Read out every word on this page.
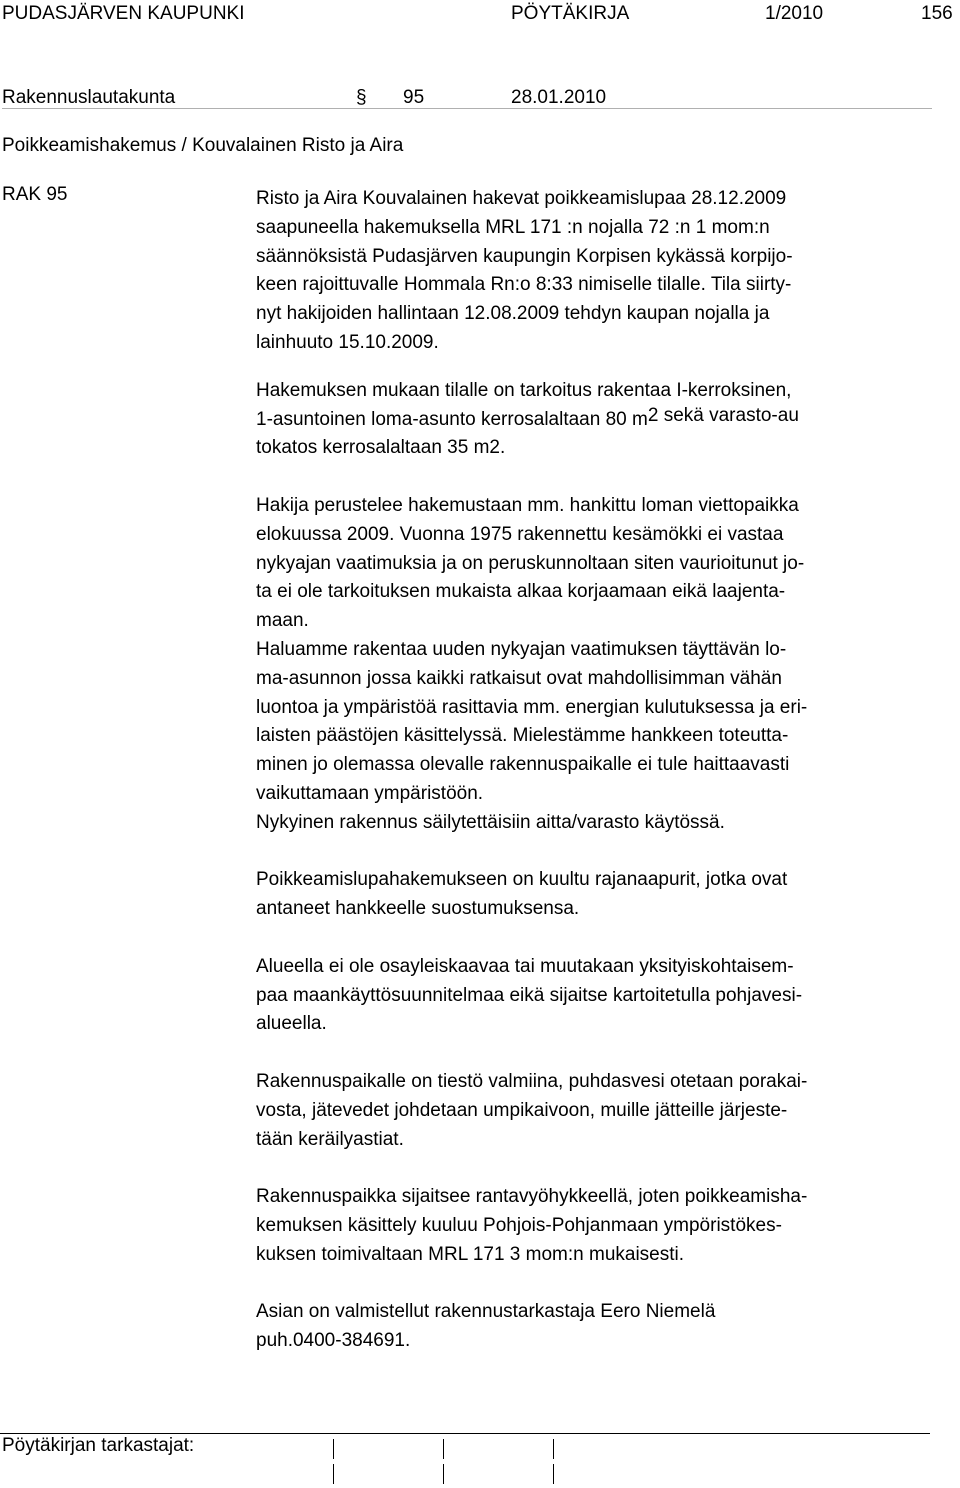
PUDASJÄRVEN KAUPUNKI	PÖYTÄKIRJA	1/2010	156
Rakennuslautakunta	§ 95	28.01.2010
Poikkeamishakemus / Kouvalainen Risto ja Aira
RAK 95	Risto ja Aira Kouvalainen hakevat poikkeamislupaa 28.12.2009
saapuneella hakemuksella MRL 171 :n nojalla 72 :n 1 mom:n
säännöksistä Pudasjärven kaupungin Korpisen kykässä korpijo-
keen rajoittuvalle Hommala Rn:o 8:33 nimiselle tilalle. Tila siirty-
nyt hakijoiden hallintaan 12.08.2009 tehdyn kaupan nojalla ja
lainhuuto 15.10.2009.
Hakemuksen mukaan tilalle on tarkoitus rakentaa I-kerroksinen,
1-asuntoinen loma-asunto kerrosalaltaan 80 m2 sekä varasto-au
tokatos kerrosalaltaan 35 m2.
Hakija perustelee hakemustaan mm. hankittu loman viettopaikka
elokuussa 2009. Vuonna 1975 rakennettu kesämökki ei vastaa
nykyajan vaatimuksia ja on peruskunnoltaan siten vaurioitunut jo-
ta ei ole tarkoituksen mukaista alkaa korjaamaan eikä laajenta-
maan.
Haluamme rakentaa uuden nykyajan vaatimuksen täyttävän lo-
ma-asunnon jossa kaikki ratkaisut ovat mahdollisimman vähän
luontoa ja ympäristöä rasittavia mm. energian kulutuksessa ja eri-
laisten päästöjen käsittelyssä. Mielestämme hankkeen toteutta-
minen jo olemassa olevalle rakennuspaikalle ei tule haittaavasti
vaikuttamaan ympäristöön.
Nykyinen rakennus säilytettäisiin aitta/varasto käytössä.
Poikkeamislupahakemukseen on kuultu rajanaapurit, jotka ovat
antaneet hankkeelle suostumuksensa.
Alueella ei ole osayleiskaavaa tai muutakaan yksityiskohtaisem-
paa maankäyttösuunnitelmaa eikä sijaitse kartoitetulla pohjavesi-
alueella.
Rakennuspaikalle on tiestö valmiina, puhdasvesi otetaan porakai-
vosta, jätevedet johdetaan umpikaivoon, muille jätteille järjeste-
tään keräilyastiat.
Rakennuspaikka sijaitsee rantavyöhykkeellä, joten poikkeamisha-
kemuksen käsittely kuuluu Pohjois-Pohjanmaan ympöristökes-
kuksen toimivaltaan MRL 171 3 mom:n mukaisesti.
Asian on valmistellut rakennustarkastaja Eero Niemelä
puh.0400-384691.
Pöytäkirjan tarkastajat:
